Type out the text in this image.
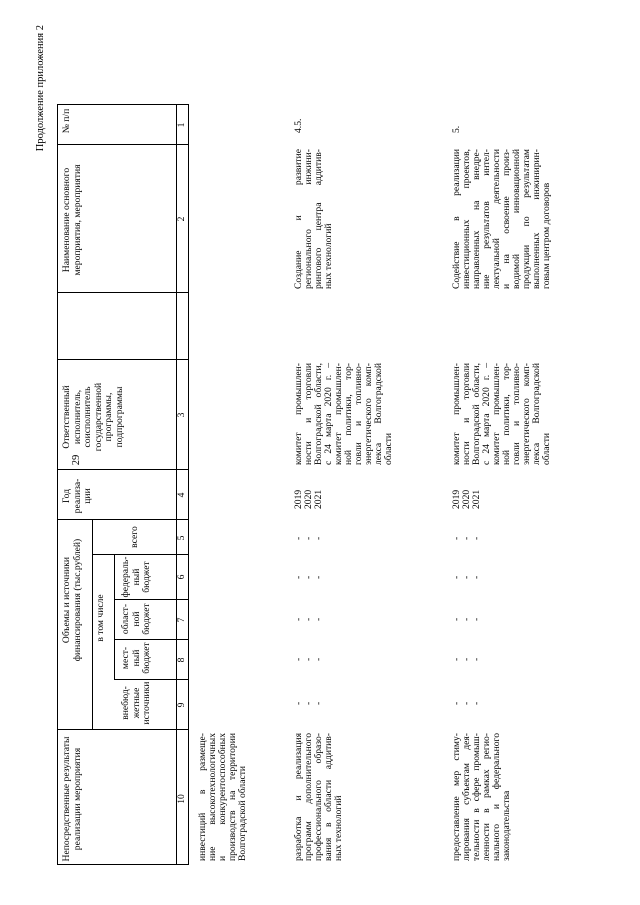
29
Продолжение приложения 2 № п/п
Наименование основного мероприятия, мероприятия
Ответственный исполнитель, соисполнитель государственной программы, подпрограммы
Год реализа-ции
Объемы и источники финансирования (тыс.рублей)
всего
в том числе
федераль-ный бюджет
област-ной бюджет
мест-ный бюджет
внебюд-жетные источники
Непосредственные результаты реализации мероприятия
1
2
3
4
5
6
7
8
9
10 инвестиций в размеще- ние высокотехнологичных и конкурентоспособных производств на территории Волгоградской области
4.5.
Создание и развитие регионального инжини- рингового центра аддитив- ных технологий
комитет промышлен- ности и торговли Волгоградской области, с 24 марта 2020 г. – комитет промышлен- ной политики, тор- говли и топливно- энергетического комп- лекса Волгоградской области
2019 2020 2021
-
-
-
-
-
-
-
-
-
-
-
-
-
-
-
разработка и реализация программ дополнительного профессионального образо- вания в области аддитив- ных технологий
5.
Содействие в реализации инвестиционных проектов, направленных на внедре- ние результатов интел- лектуальной деятельности и на освоение произ- водимой инновационной продукции по результатам выполненных инжинирин- говым центром договоров
комитет промышлен- ности и торговли Волгоградской области, с 24 марта 2020 г. – комитет промышлен- ной политики, тор- говли и топливно- энергетического комп- лекса Волгоградской области
2019 2020 2021
-
-
-
-
-
-
-
-
-
-
-
-
-
-
-
предоставление мер стиму- лирования субъектам дея- тельности в сфере промыш- ленности в рамках регио- нального и федерального законодательства
